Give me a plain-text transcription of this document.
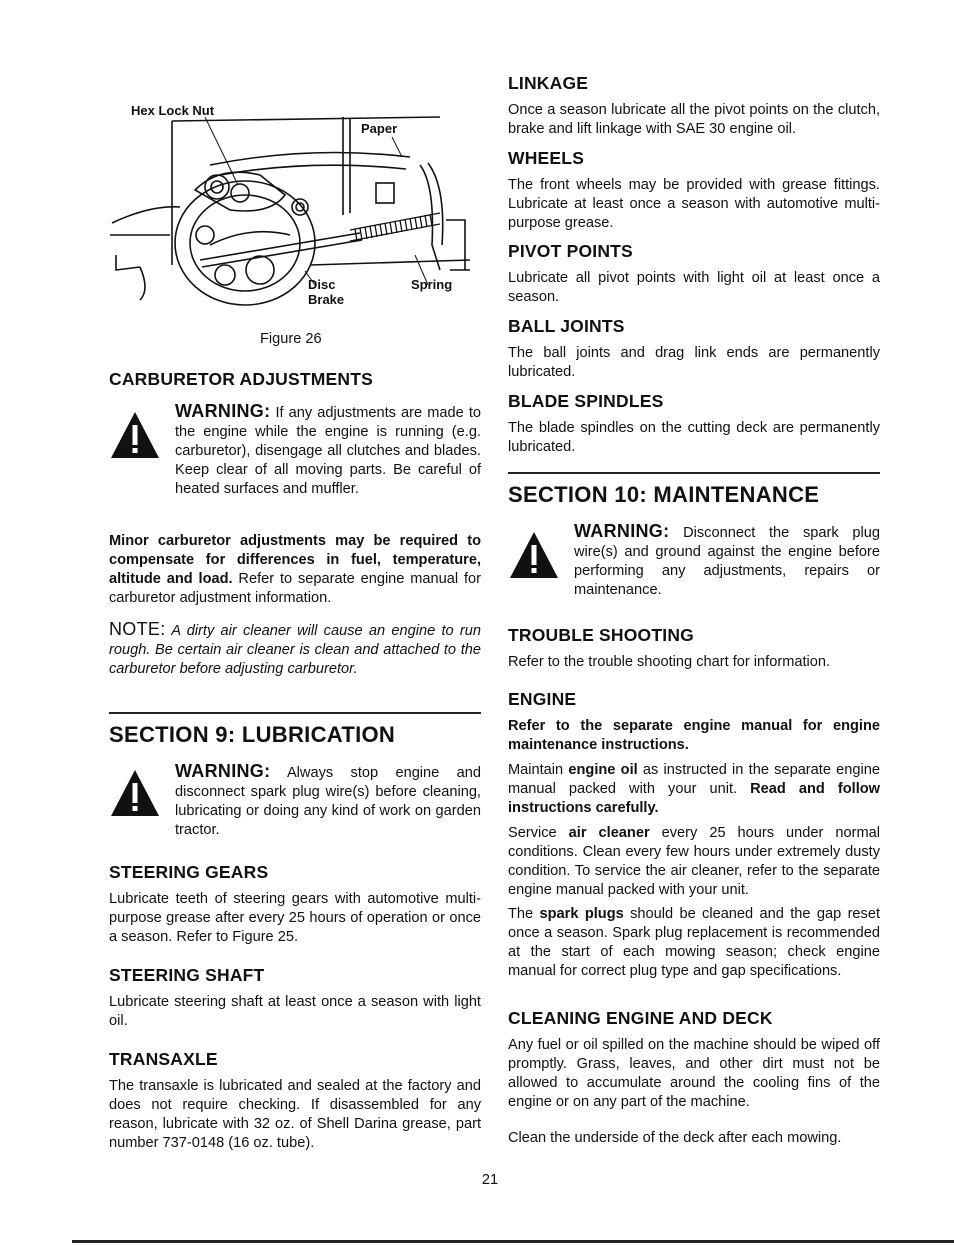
Hex Lock Nut
Paper
Disc
Brake
Spring
Figure 26
CARBURETOR ADJUSTMENTS
WARNING: If any adjustments are made to the engine while the engine is running (e.g. carburetor), disengage all clutches and blades. Keep clear of all moving parts. Be careful of heated surfaces and muffler.
Minor carburetor adjustments may be required to compensate for differences in fuel, temperature, altitude and load. Refer to separate engine manual for carburetor adjustment information.
NOTE: A dirty air cleaner will cause an engine to run rough. Be certain air cleaner is clean and attached to the carburetor before adjusting carburetor.
SECTION 9: LUBRICATION
WARNING: Always stop engine and disconnect spark plug wire(s) before cleaning, lubricating or doing any kind of work on garden tractor.
STEERING GEARS

Lubricate teeth of steering gears with automotive multi-purpose grease after every 25 hours of operation or once a season. Refer to Figure 25.

STEERING SHAFT

Lubricate steering shaft at least once a season with light oil.

TRANSAXLE

The transaxle is lubricated and sealed at the factory and does not require checking. If disassembled for any reason, lubricate with 32 oz. of Shell Darina grease, part number 737-0148 (16 oz. tube).

LINKAGE

Once a season lubricate all the pivot points on the clutch, brake and lift linkage with SAE 30 engine oil.

WHEELS

The front wheels may be provided with grease fittings. Lubricate at least once a season with automotive multi-purpose grease.

PIVOT POINTS

Lubricate all pivot points with light oil at least once a season.

BALL JOINTS

The ball joints and drag link ends are permanently lubricated.

BLADE SPINDLES

The blade spindles on the cutting deck are permanently lubricated.

SECTION 10: MAINTENANCE
WARNING: Disconnect the spark plug wire(s) and ground against the engine before performing any adjustments, repairs or maintenance.
TROUBLE SHOOTING

Refer to the trouble shooting chart for information.

ENGINE

Refer to the separate engine manual for engine maintenance instructions.

Maintain engine oil as instructed in the separate engine manual packed with your unit. Read and follow instructions carefully.

Service air cleaner every 25 hours under normal conditions. Clean every few hours under extremely dusty condition. To service the air cleaner, refer to the separate engine manual packed with your unit.

The spark plugs should be cleaned and the gap reset once a season. Spark plug replacement is recommended at the start of each mowing season; check engine manual for correct plug type and gap specifications.

CLEANING ENGINE AND DECK

Any fuel or oil spilled on the machine should be wiped off promptly. Grass, leaves, and other dirt must not be allowed to accumulate around the cooling fins of the engine or on any part of the machine.

Clean the underside of the deck after each mowing.

21
